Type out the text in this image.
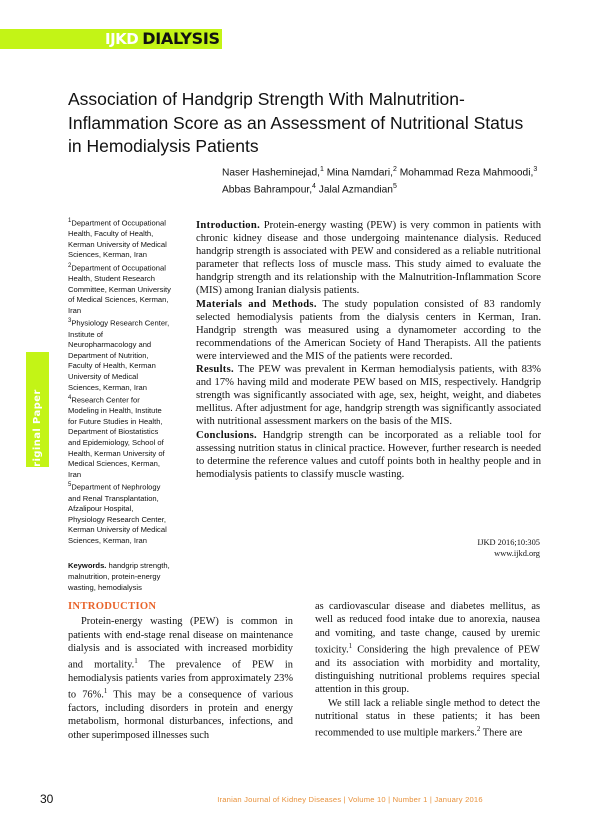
IJKD DIALYSIS
Original Paper
Association of Handgrip Strength With Malnutrition-Inflammation Score as an Assessment of Nutritional Status in Hemodialysis Patients
Naser Hasheminejad,$^1$ Mina Namdari,$^2$ Mohammad Reza Mahmoodi,$^3$
Abbas Bahrampour,$^4$ Jalal Azmandian$^5$
$^1$Department of Occupational Health, Faculty of Health, Kerman University of Medical Sciences, Kerman, Iran
$^2$Department of Occupational Health, Student Research Committee, Kerman University of Medical Sciences, Kerman, Iran
$^3$Physiology Research Center, Institute of Neuropharmacology and Department of Nutrition, Faculty of Health, Kerman University of Medical Sciences, Kerman, Iran
$^4$Research Center for Modeling in Health, Institute for Future Studies in Health, Department of Biostatistics and Epidemiology, School of Health, Kerman University of Medical Sciences, Kerman, Iran
$^5$Department of Nephrology and Renal Transplantation, Afzalipour Hospital, Physiology Research Center, Kerman University of Medical Sciences, Kerman, Iran
Keywords. handgrip strength, malnutrition, protein-energy wasting, hemodialysis

Introduction. Protein-energy wasting (PEW) is very common in patients with chronic kidney disease and those undergoing maintenance dialysis. Reduced handgrip strength is associated with PEW and considered as a reliable nutritional parameter that reflects loss of muscle mass. This study aimed to evaluate the handgrip strength and its relationship with the Malnutrition-Inflammation Score (MIS) among Iranian dialysis patients.

Materials and Methods. The study population consisted of 83 randomly selected hemodialysis patients from the dialysis centers in Kerman, Iran. Handgrip strength was measured using a dynamometer according to the recommendations of the American Society of Hand Therapists. All the patients were interviewed and the MIS of the patients were recorded.

Results. The PEW was prevalent in Kerman hemodialysis patients, with 83% and 17% having mild and moderate PEW based on MIS, respectively. Handgrip strength was significantly associated with age, sex, height, weight, and diabetes mellitus. After adjustment for age, handgrip strength was significantly associated with nutritional assessment markers on the basis of the MIS.

Conclusions. Handgrip strength can be incorporated as a reliable tool for assessing nutrition status in clinical practice. However, further research is needed to determine the reference values and cutoff points both in healthy people and in hemodialysis patients to classify muscle wasting.

IJKD 2016;10:305
www.ijkd.org
INTRODUCTION

Protein-energy wasting (PEW) is common in patients with end-stage renal disease on maintenance dialysis and is associated with increased morbidity and mortality.$^1$ The prevalence of PEW in hemodialysis patients varies from approximately 23% to 76%.$^1$ This may be a consequence of various factors, including disorders in protein and energy metabolism, hormonal disturbances, infections, and other superimposed illnesses such

as cardiovascular disease and diabetes mellitus, as well as reduced food intake due to anorexia, nausea and vomiting, and taste change, caused by uremic toxicity.$^1$ Considering the high prevalence of PEW and its association with morbidity and mortality, distinguishing nutritional problems requires special attention in this group.

We still lack a reliable single method to detect the nutritional status in these patients; it has been recommended to use multiple markers.$^2$ There are

30	Iranian Journal of Kidney Diseases | Volume 10 | Number 1 | January 2016
